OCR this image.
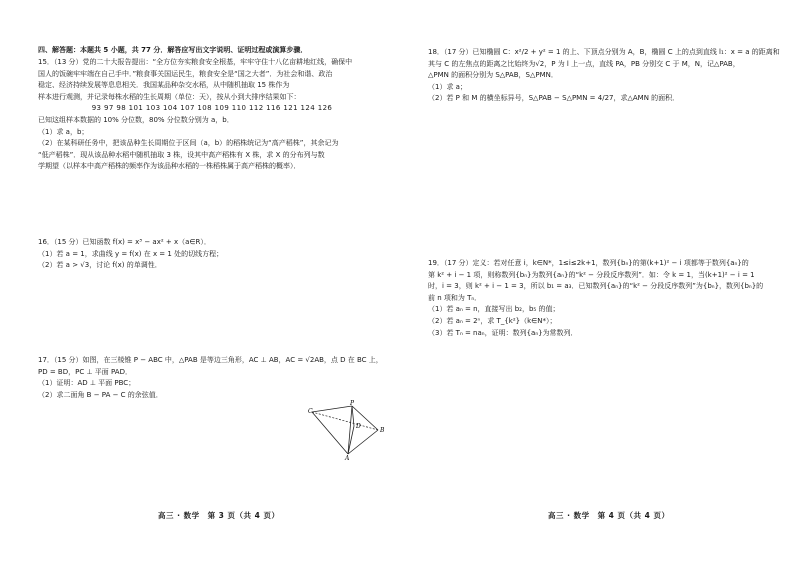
四、解答题：本题共 5 小题，共 77 分．解答应写出文字说明、证明过程或演算步骤．
15．（13 分）党的二十大报告提出：“全方位夯实粮食安全根基，牢牢守住十八亿亩耕地红线，确保中
国人的饭碗牢牢端在自己手中．”粮食事关国运民生，粮食安全是“国之大者”．为社会和谐、政治
稳定、经济持续发展等息息相关．我国某品种杂交水稻，从中随机抽取 15 株作为
样本进行观测，并记录每株水稻的生长周期（单位：天），按从小到大排序结果如下：
93 97 98 101 103 104 107 108 109 110 112 116 121 124 126
已知这组样本数据的 10% 分位数，80% 分位数分别为 a，b．
（1）求 a，b；
（2）在某科研任务中，把该品种生长周期位于区间（a，b）的稻株统记为“高产稻株”，其余记为
“低产稻株”．现从该品种水稻中随机抽取 3 株，设其中高产稻株有 X 株，求 X 的分布列与数
学期望（以样本中高产稻株的频率作为该品种水稻的一株稻株属于高产稻株的概率）．
16．（15 分）已知函数 f(x) = x³ − ax² + x（a∈R）．
（1）若 a = 1，求曲线 y = f(x) 在 x = 1 处的切线方程；
（2）若 a > √3，讨论 f(x) 的单调性．
17．（15 分）如图，在三棱锥 P − ABC 中，△PAB 是等边三角形，AC ⊥ AB，AC = √2AB，点 D 在 BC 上，
PD = BD，PC ⊥ 平面 PAD．
（1）证明：AD ⊥ 平面 PBC；
（2）求二面角 B − PA − C 的余弦值．
P
C
D
B
A
高三 · 数学　第 3 页（共 4 页）
18．（17 分）已知椭圆 C：x²/2 + y² = 1 的上、下顶点分别为 A，B，椭圆 C 上的点到直线 l₁：x = a 的距离和
其与 C 的左焦点的距离之比始终为√2，P 为 l 上一点，直线 PA，PB 分别交 C 于 M，N，记△PAB，
△PMN 的面积分别为 S△PAB，S△PMN．
（1）求 a；
（2）若 P 和 M 的横坐标异号，S△PAB − S△PMN = 4/27，求△AMN 的面积．
19．（17 分）定义：若对任意 i，k∈N*，1≤i≤2k+1，数列{bₙ}的第(k+1)² − i 项都等于数列{aₙ}的
第 k² + i − 1 项，则称数列{bₙ}为数列{aₙ}的“k² − 分段反序数列”．如：令 k = 1，当(k+1)² − i = 1
时，i = 3，则 k² + i − 1 = 3，所以 b₁ = a₃．已知数列{aₙ}的“k² − 分段反序数列”为{bₙ}，数列{bₙ}的
前 n 项和为 Tₙ．
（1）若 aₙ = n，直接写出 b₂，b₅ 的值；
（2）若 aₙ = 2ⁿ，求 T_{k²}（k∈N*）；
（3）若 Tₙ = naₙ，证明：数列{aₙ}为常数列．
高三 · 数学　第 4 页（共 4 页）
